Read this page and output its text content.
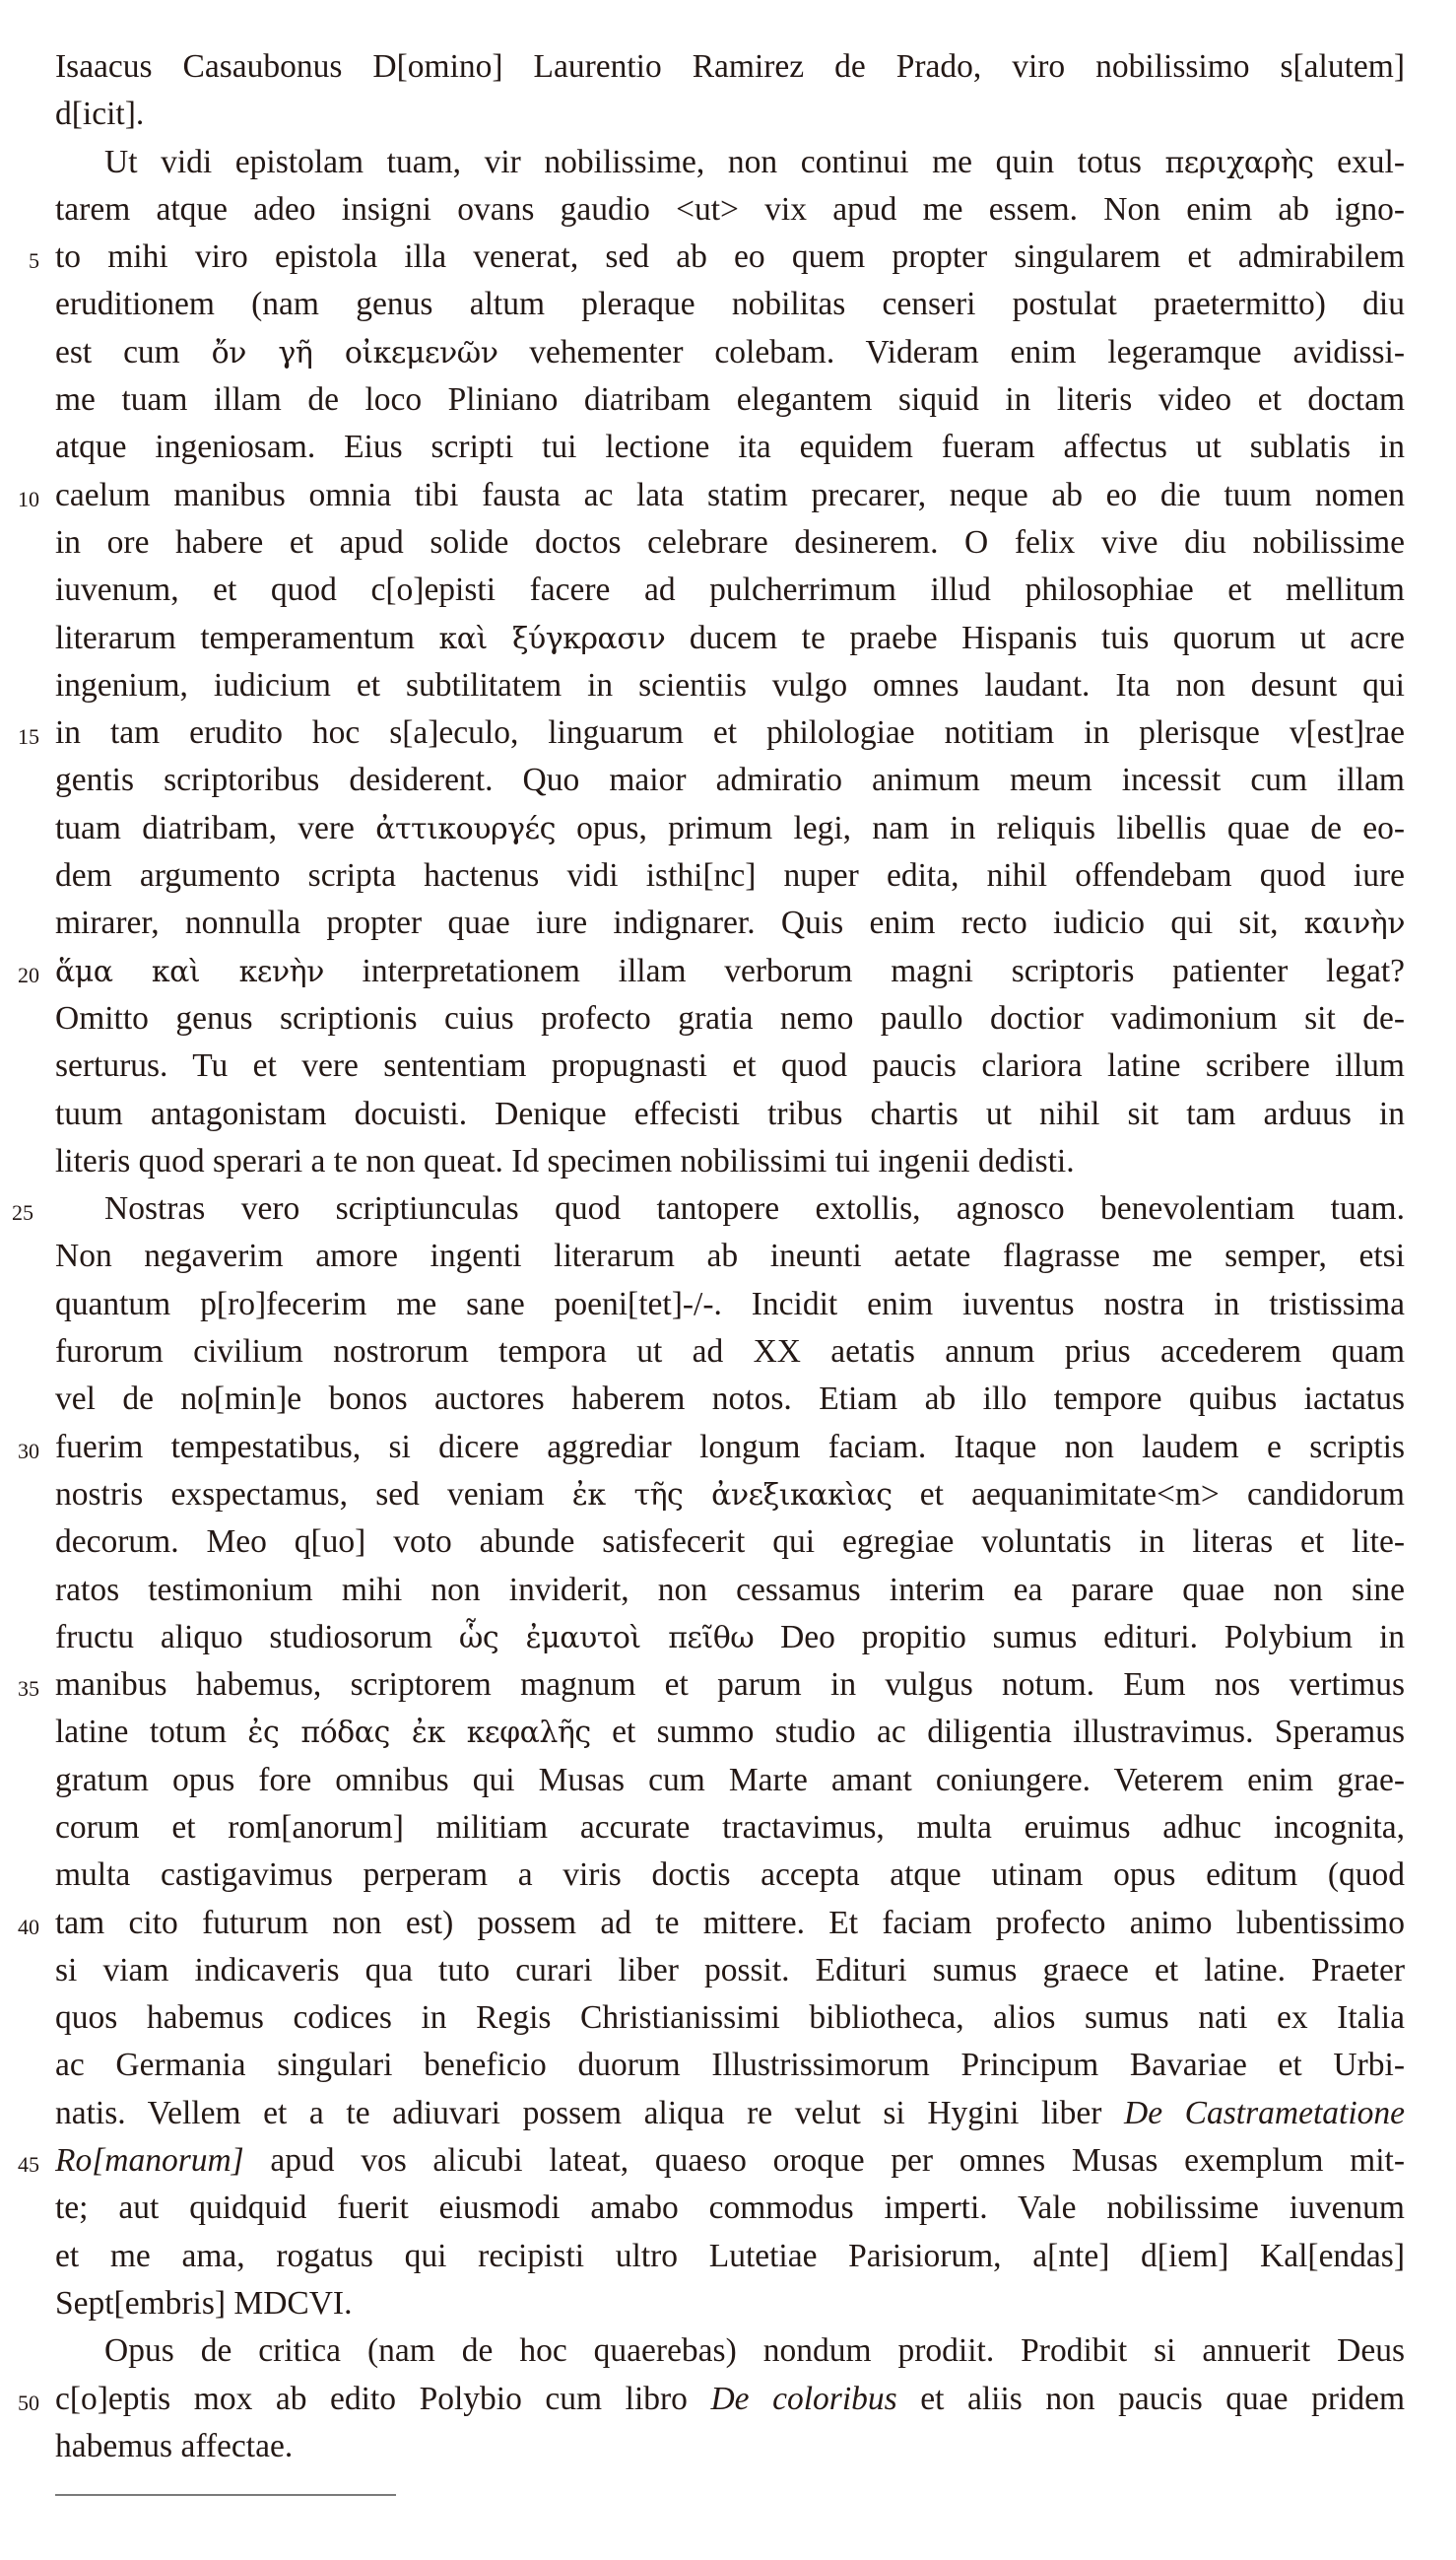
Isaacus Casaubonus D[omino] Laurentio Ramirez de Prado, viro nobilissimo s[alutem]
d[icit].
Ut vidi epistolam tuam, vir nobilissime, non continui me quin totus περιχαρὴς exul-
tarem atque adeo insigni ovans gaudio <ut> vix apud me essem. Non enim ab igno-
5 to mihi viro epistola illa venerat, sed ab eo quem propter singularem et admirabilem
eruditionem (nam genus altum pleraque nobilitas censeri postulat praetermitto) diu
est cum ὄν γῆ οἰκεμενῶν vehementer colebam. Videram enim legeramque avidissi-
me tuam illam de loco Pliniano diatribam elegantem siquid in literis video et doctam
atque ingeniosam. Eius scripti tui lectione ita equidem fueram affectus ut sublatis in
10 caelum manibus omnia tibi fausta ac lata statim precarer, neque ab eo die tuum nomen
in ore habere et apud solide doctos celebrare desinerem. O felix vive diu nobilissime
iuvenum, et quod c[o]episti facere ad pulcherrimum illud philosophiae et mellitum
literarum temperamentum καὶ ξύγκρασιν ducem te praebe Hispanis tuis quorum ut acre
ingenium, iudicium et subtilitatem in scientiis vulgo omnes laudant. Ita non desunt qui
15 in tam erudito hoc s[a]eculo, linguarum et philologiae notitiam in plerisque v[est]rae
gentis scriptoribus desiderent. Quo maior admiratio animum meum incessit cum illam
tuam diatribam, vere ἀττικουργές opus, primum legi, nam in reliquis libellis quae de eo-
dem argumento scripta hactenus vidi isthi[nc] nuper edita, nihil offendebam quod iure
mirarer, nonnulla propter quae iure indignarer. Quis enim recto iudicio qui sit, καινὴν
20 ἅμα καὶ κενὴν interpretationem illam verborum magni scriptoris patienter legat?
Omitto genus scriptionis cuius profecto gratia nemo paullo doctior vadimonium sit de-
serturus. Tu et vere sententiam propugnasti et quod paucis clariora latine scribere illum
tuum antagonistam docuisti. Denique effecisti tribus chartis ut nihil sit tam arduus in
literis quod sperari a te non queat. Id specimen nobilissimi tui ingenii dedisti.
25	Nostras vero scriptiunculas quod tantopere extollis, agnosco benevolentiam tuam.
Non negaverim amore ingenti literarum ab ineunti aetate flagrasse me semper, etsi
quantum p[ro]fecerim me sane poeni[tet]-/-. Incidit enim iuventus nostra in tristissima
furorum civilium nostrorum tempora ut ad XX aetatis annum prius accederem quam
vel de no[min]e bonos auctores haberem notos. Etiam ab illo tempore quibus iactatus
30 fuerim tempestatibus, si dicere aggrediar longum faciam. Itaque non laudem e scriptis
nostris exspectamus, sed veniam ἐκ τῆς ἀνεξικακὶας et aequanimitate<m> candidorum
decorum. Meo q[uo] voto abunde satisfecerit qui egregiae voluntatis in literas et lite-
ratos testimonium mihi non inviderit, non cessamus interim ea parare quae non sine
fructu aliquo studiosorum ὧς ἐμαυτοὶ πεῖθω Deo propitio sumus edituri. Polybium in
35 manibus habemus, scriptorem magnum et parum in vulgus notum. Eum nos vertimus
latine totum ἐς πόδας ἐκ κεφαλῆς et summo studio ac diligentia illustravimus. Speramus
gratum opus fore omnibus qui Musas cum Marte amant coniungere. Veterem enim grae-
corum et rom[anorum] militiam accurate tractavimus, multa eruimus adhuc incognita,
multa castigavimus perperam a viris doctis accepta atque utinam opus editum (quod
40 tam cito futurum non est) possem ad te mittere. Et faciam profecto animo lubentissimo
si viam indicaveris qua tuto curari liber possit. Edituri sumus graece et latine. Praeter
quos habemus codices in Regis Christianissimi bibliotheca, alios sumus nati ex Italia
ac Germania singulari beneficio duorum Illustrissimorum Principum Bavariae et Urbi-
natis. Vellem et a te adiuvari possem aliqua re velut si Hygini liber De Castrametatione
45 Ro[manorum] apud vos alicubi lateat, quaeso oroque per omnes Musas exemplum mit-
te; aut quidquid fuerit eiusmodi amabo commodus imperti. Vale nobilissime iuvenum
et me ama, rogatus qui recipisti ultro Lutetiae Parisiorum, a[nte] d[iem] Kal[endas]
Sept[embris] MDCVI.
Opus de critica (nam de hoc quaerebas) nondum prodiit. Prodibit si annuerit Deus
50 c[o]eptis mox ab edito Polybio cum libro De coloribus et aliis non paucis quae pridem
habemus affectae.
